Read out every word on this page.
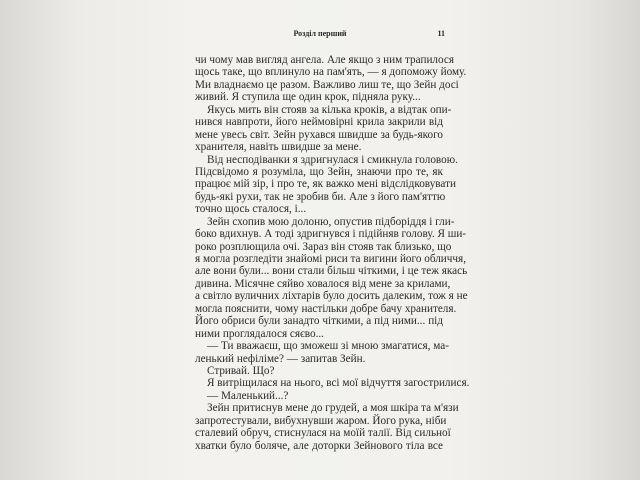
Розділ перший	11
чи чому мав вигляд ангела. Але якщо з ним трапилося
щось таке, що вплинуло на пам'ять, — я допоможу йому.
Ми владнаємо це разом. Важливо лиш те, що Зейн досі
живий. Я ступила ще один крок, підняла руку...
Якусь мить він стояв за кілька кроків, а відтак опи-
нився навпроти, його неймовірні крила закрили від
мене увесь світ. Зейн рухався швидше за будь-якого
хранителя, навіть швидше за мене.
Від несподіванки я здригнулася і смикнула головою.
Підсвідомо я розуміла, що Зейн, знаючи про те, як
працює мій зір, і про те, як важко мені відслідковувати
будь-які рухи, так не зробив би. Але з його пам'яттю
точно щось сталося, і...
Зейн схопив мою долоню, опустив підборіддя і гли-
боко вдихнув. А тоді здригнувся і підійняв голову. Я ши-
роко розплющила очі. Зараз він стояв так близько, що
я могла розгледіти знайомі риси та вигини його обличчя,
але вони були... вони стали більш чіткими, і це теж якась
дивина. Місячне сяйво ховалося від мене за крилами,
а світло вуличних ліхтарів було досить далеким, тож я не
могла пояснити, чому настільки добре бачу хранителя.
Його обриси були занадто чіткими, а під ними... під
ними проглядалося сяєво...
— Ти вважаєш, що зможеш зі мною змагатися, ма-
ленький нефіліме? — запитав Зейн.
Стривай. Що?
Я витріщилася на нього, всі мої відчуття загострилися.
— Маленький...?
Зейн притиснув мене до грудей, а моя шкіра та м'язи
запротестували, вибухнувши жаром. Його рука, ніби
сталевий обруч, стиснулася на моїй талії. Від сильної
хватки було боляче, але доторки Зейнового тіла все
